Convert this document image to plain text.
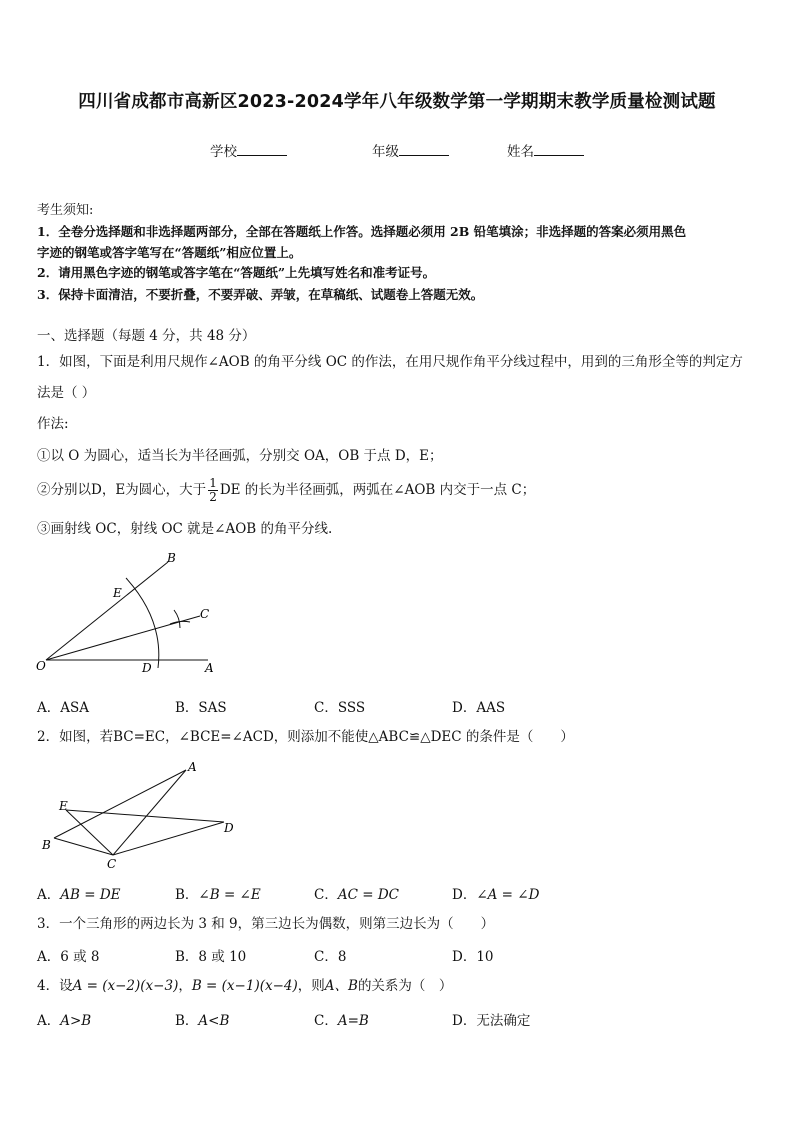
四川省成都市高新区2023-2024学年八年级数学第一学期期末教学质量检测试题
学校	年级	姓名
考生须知:
1．全卷分选择题和非选择题两部分，全部在答题纸上作答。选择题必须用 2B 铅笔填涂；非选择题的答案必须用黑色
字迹的钢笔或答字笔写在“答题纸”相应位置上。
2．请用黑色字迹的钢笔或答字笔在“答题纸”上先填写姓名和准考证号。
3．保持卡面清洁，不要折叠，不要弄破、弄皱，在草稿纸、试题卷上答题无效。
一、选择题（每题 4 分，共 48 分）
1．如图，下面是利用尺规作∠AOB 的角平分线 OC 的作法，在用尺规作角平分线过程中，用到的三角形全等的判定方
法是（ ）
作法:
①以 O 为圆心，适当长为半径画弧，分别交 OA，OB 于点 D，E；
②分别以D，E为圆心，大于 $\frac{1}{2}$ DE 的长为半径画弧，两弧在∠AOB 内交于一点 C；
③画射线 OC，射线 OC 就是∠AOB 的角平分线.
B
E
C
O	D	A
A．ASA	B．SAS	C．SSS	D．AAS
2．如图，若BC=EC，∠BCE=∠ACD，则添加不能使△ABC≌△DEC 的条件是（　　）
A
E
D
B
C
A．AB = DE	B．∠B = ∠E	C．AC = DC	D．∠A = ∠D
3．一个三角形的两边长为 3 和 9，第三边长为偶数，则第三边长为（　　）
A．6 或 8	B．8 或 10	C．8	D．10
4．设A = (x−2)(x−3)，B = (x−1)(x−4)，则A、B的关系为（　）
A．A>B	B．A<B	C．A=B	D．无法确定
